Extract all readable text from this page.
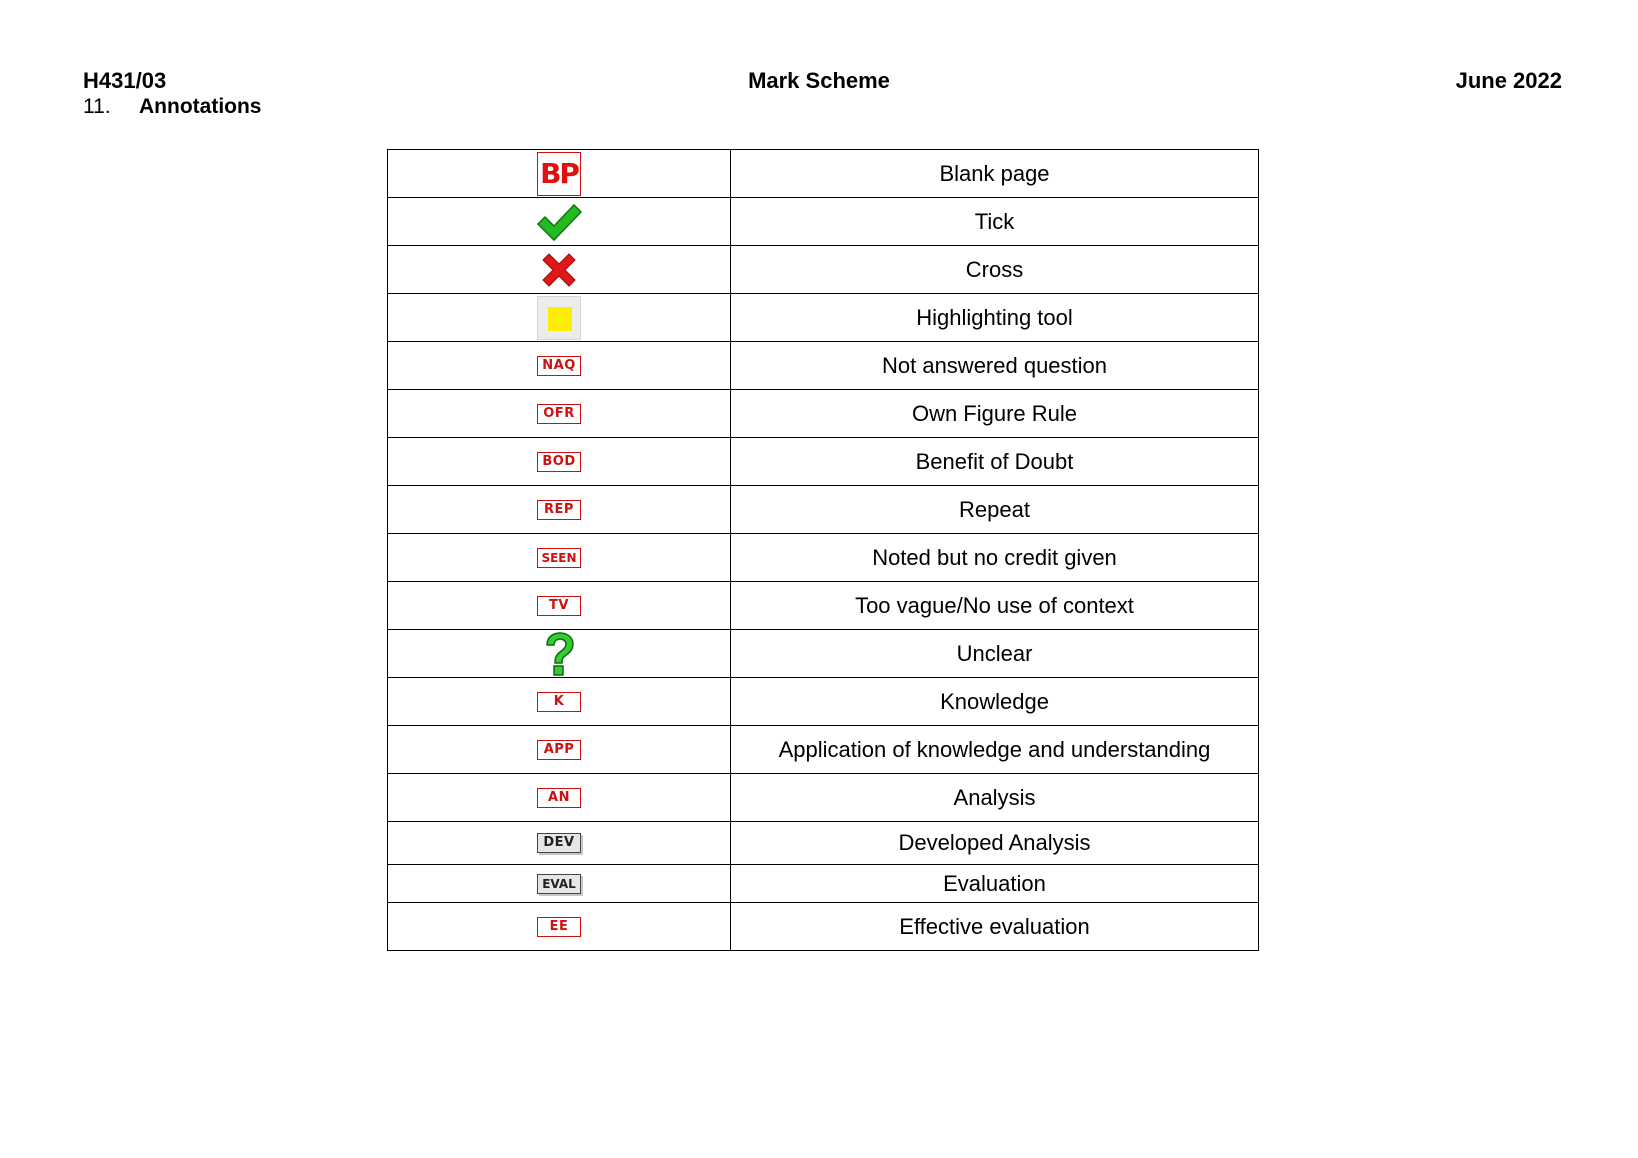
H431/03	Mark Scheme	June 2022
11. Annotations
BP	Blank page
	Tick
	Cross
	Highlighting tool
NAQ	Not answered question
OFR	Own Figure Rule
BOD	Benefit of Doubt
REP	Repeat
SEEN	Noted but no credit given
TV	Too vague/No use of context
	Unclear
K	Knowledge
APP	Application of knowledge and understanding
AN	Analysis
DEV	Developed Analysis
EVAL	Evaluation
EE	Effective evaluation
